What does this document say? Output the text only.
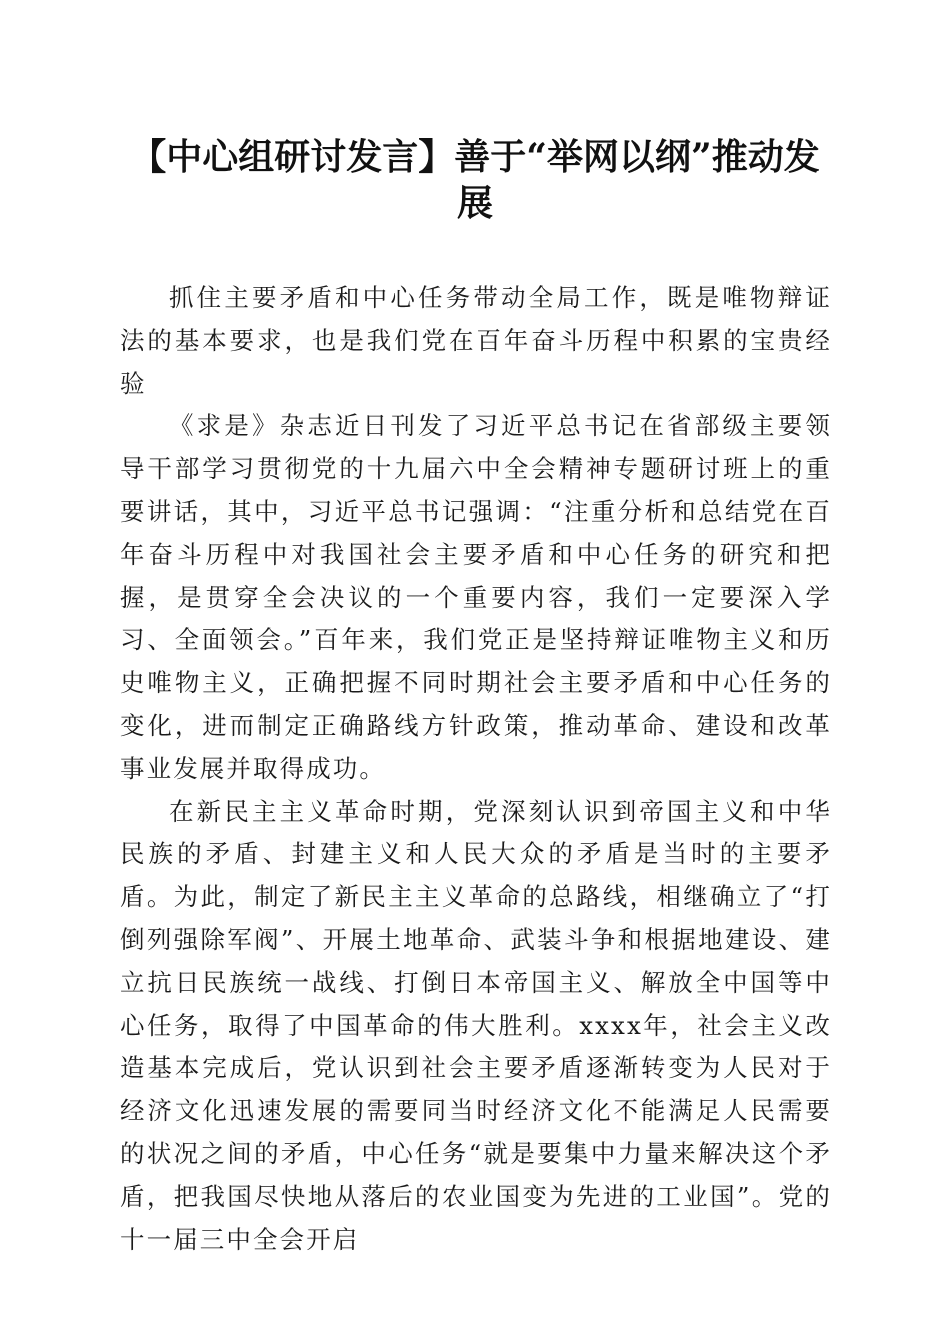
【中心组研讨发言】善于“举网以纲”推动发展

抓住主要矛盾和中心任务带动全局工作，既是唯物辩证法的基本要求，也是我们党在百年奋斗历程中积累的宝贵经验

《求是》杂志近日刊发了习近平总书记在省部级主要领导干部学习贯彻党的十九届六中全会精神专题研讨班上的重要讲话，其中，习近平总书记强调：“注重分析和总结党在百年奋斗历程中对我国社会主要矛盾和中心任务的研究和把握，是贯穿全会决议的一个重要内容，我们一定要深入学习、全面领会。”百年来，我们党正是坚持辩证唯物主义和历史唯物主义，正确把握不同时期社会主要矛盾和中心任务的变化，进而制定正确路线方针政策，推动革命、建设和改革事业发展并取得成功。

在新民主主义革命时期，党深刻认识到帝国主义和中华民族的矛盾、封建主义和人民大众的矛盾是当时的主要矛盾。为此，制定了新民主主义革命的总路线，相继确立了“打倒列强除军阀”、开展土地革命、武装斗争和根据地建设、建立抗日民族统一战线、打倒日本帝国主义、解放全中国等中心任务，取得了中国革命的伟大胜利。xxxx年，社会主义改造基本完成后，党认识到社会主要矛盾逐渐转变为人民对于经济文化迅速发展的需要同当时经济文化不能满足人民需要的状况之间的矛盾，中心任务“就是要集中力量来解决这个矛盾，把我国尽快地从落后的农业国变为先进的工业国”。党的十一届三中全会开启
